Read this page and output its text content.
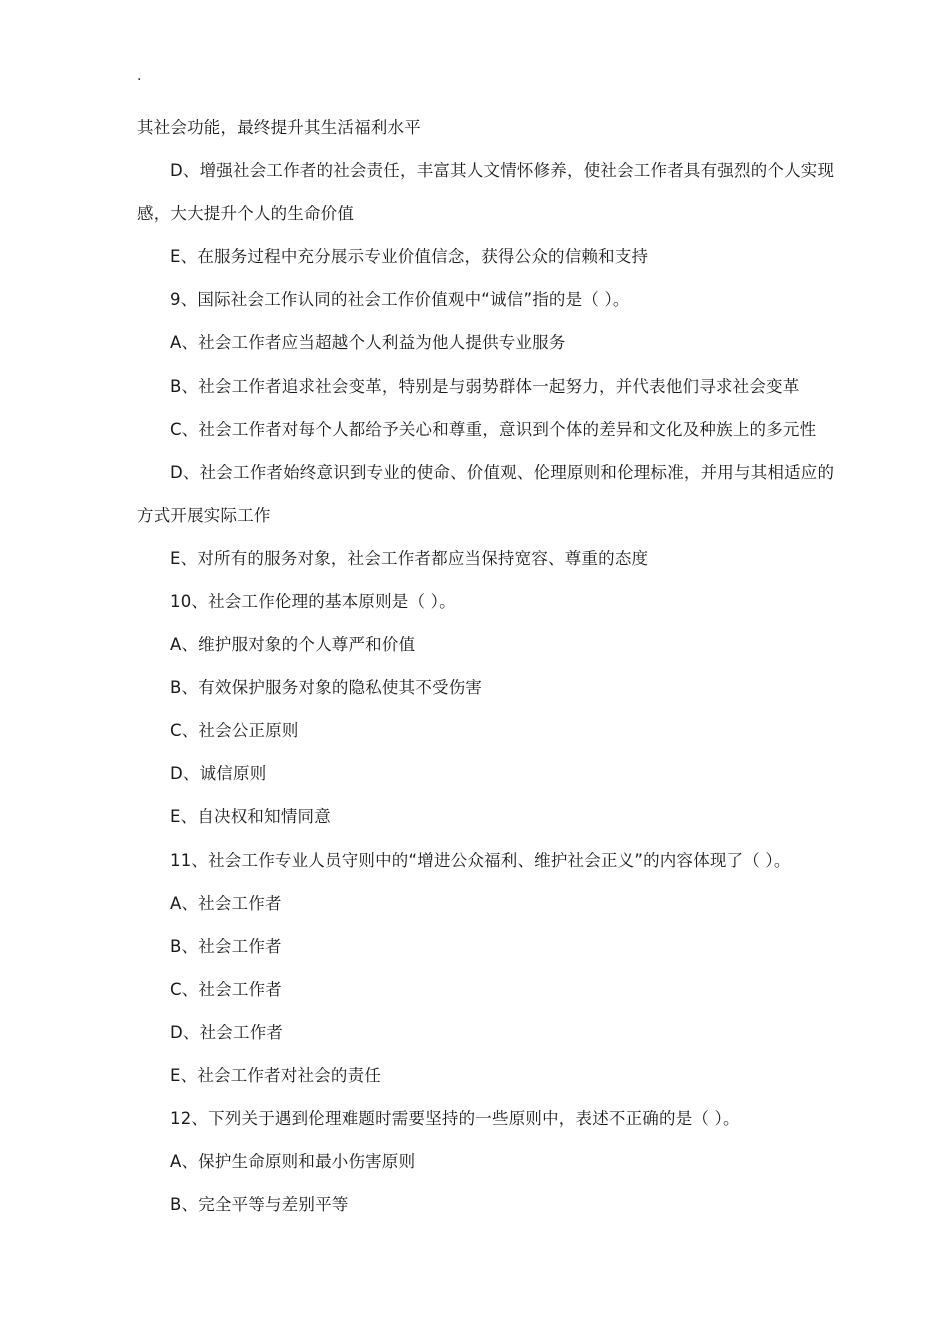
.
其社会功能，最终提升其生活福利水平
D、增强社会工作者的社会责任，丰富其人文情怀修养，使社会工作者具有强烈的个人实现
感，大大提升个人的生命价值
E、在服务过程中充分展示专业价值信念，获得公众的信赖和支持
9、国际社会工作认同的社会工作价值观中“诚信”指的是（ ）。
A、社会工作者应当超越个人利益为他人提供专业服务
B、社会工作者追求社会变革，特别是与弱势群体一起努力，并代表他们寻求社会变革
C、社会工作者对每个人都给予关心和尊重，意识到个体的差异和文化及种族上的多元性
D、社会工作者始终意识到专业的使命、价值观、伦理原则和伦理标准，并用与其相适应的
方式开展实际工作
E、对所有的服务对象，社会工作者都应当保持宽容、尊重的态度
10、社会工作伦理的基本原则是（ ）。
A、维护服对象的个人尊严和价值
B、有效保护服务对象的隐私使其不受伤害
C、社会公正原则
D、诚信原则
E、自决权和知情同意
11、社会工作专业人员守则中的“增进公众福利、维护社会正义”的内容体现了（ ）。
A、社会工作者
B、社会工作者
C、社会工作者
D、社会工作者
E、社会工作者对社会的责任
12、下列关于遇到伦理难题时需要坚持的一些原则中，表述不正确的是（ ）。
A、保护生命原则和最小伤害原则
B、完全平等与差别平等
